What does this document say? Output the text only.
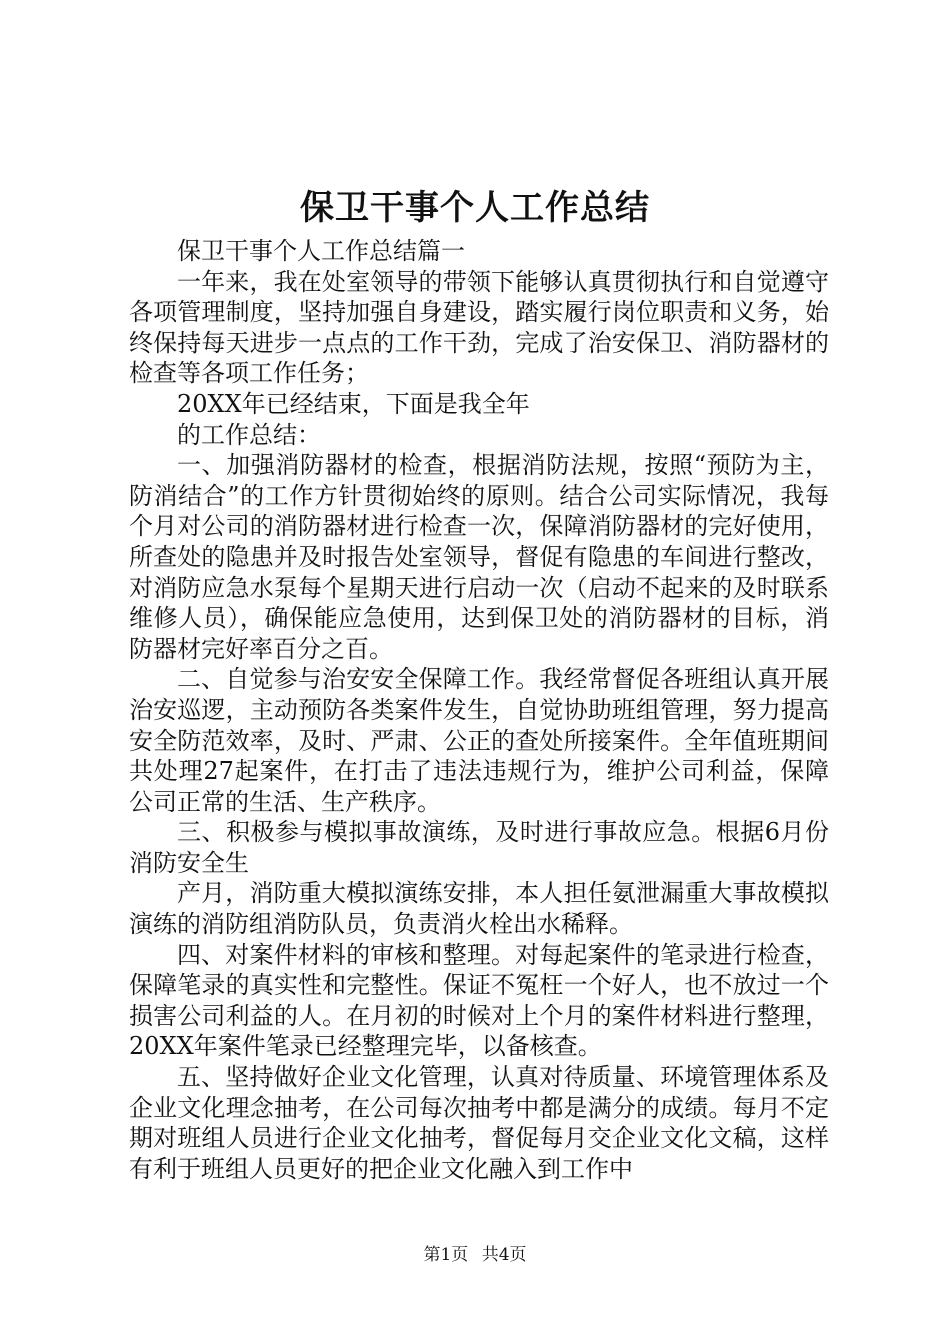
保卫干事个人工作总结

保卫干事个人工作总结篇一

一年来，我在处室领导的带领下能够认真贯彻执行和自觉遵守各项管理制度，坚持加强自身建设，踏实履行岗位职责和义务，始终保持每天进步一点点的工作干劲，完成了治安保卫、消防器材的检查等各项工作任务；

20XX年已经结束，下面是我全年

的工作总结：

一、加强消防器材的检查，根据消防法规，按照“预防为主，防消结合”的工作方针贯彻始终的原则。结合公司实际情况，我每个月对公司的消防器材进行检查一次，保障消防器材的完好使用，所查处的隐患并及时报告处室领导，督促有隐患的车间进行整改，对消防应急水泵每个星期天进行启动一次（启动不起来的及时联系维修人员），确保能应急使用，达到保卫处的消防器材的目标，消防器材完好率百分之百。

二、自觉参与治安安全保障工作。我经常督促各班组认真开展治安巡逻，主动预防各类案件发生，自觉协助班组管理，努力提高安全防范效率，及时、严肃、公正的查处所接案件。全年值班期间共处理27起案件，在打击了违法违规行为，维护公司利益，保障公司正常的生活、生产秩序。

三、积极参与模拟事故演练，及时进行事故应急。根据6月份消防安全生

产月，消防重大模拟演练安排，本人担任氨泄漏重大事故模拟演练的消防组消防队员，负责消火栓出水稀释。

四、对案件材料的审核和整理。对每起案件的笔录进行检查，保障笔录的真实性和完整性。保证不冤枉一个好人，也不放过一个损害公司利益的人。在月初的时候对上个月的案件材料进行整理，20XX年案件笔录已经整理完毕，以备核查。

五、坚持做好企业文化管理，认真对待质量、环境管理体系及企业文化理念抽考，在公司每次抽考中都是满分的成绩。每月不定期对班组人员进行企业文化抽考，督促每月交企业文化文稿，这样有利于班组人员更好的把企业文化融入到工作中

第1页 共4页
